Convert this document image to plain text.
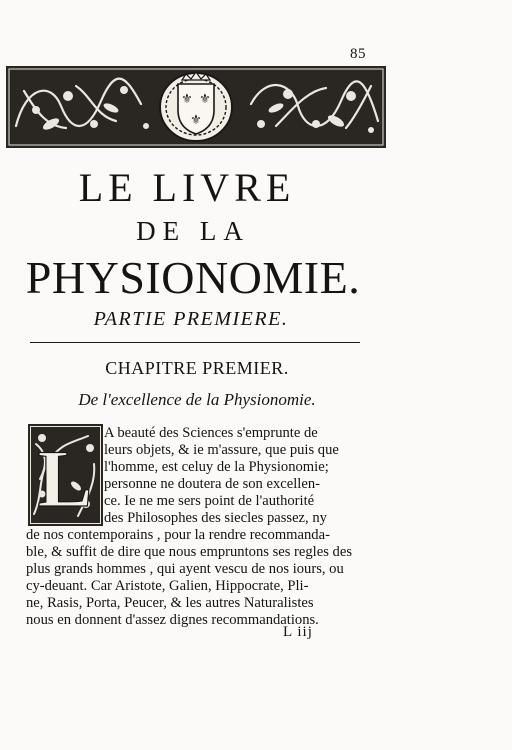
85
⚜ ⚜
⚜
LE LIVRE
DE LA
PHYSIONOMIE.
PARTIE PREMIERE.
CHAPITRE PREMIER.
De l'excellence de la Physionomie.
L A beauté des Sciences s'emprunte de
leurs objets, & ie m'assure, que puis que
l'homme, est celuy de la Physionomie;
personne ne doutera de son excellen-
ce. Ie ne me sers point de l'authorité
des Philosophes des siecles passez, ny
de nos contemporains , pour la rendre recommanda-
ble, & suffit de dire que nous empruntons ses regles des
plus grands hommes , qui ayent vescu de nos iours, ou
cy-deuant. Car Aristote, Galien, Hippocrate, Pli-
ne, Rasis, Porta, Peucer, & les autres Naturalistes
nous en donnent d'assez dignes recommandations.
L iij
